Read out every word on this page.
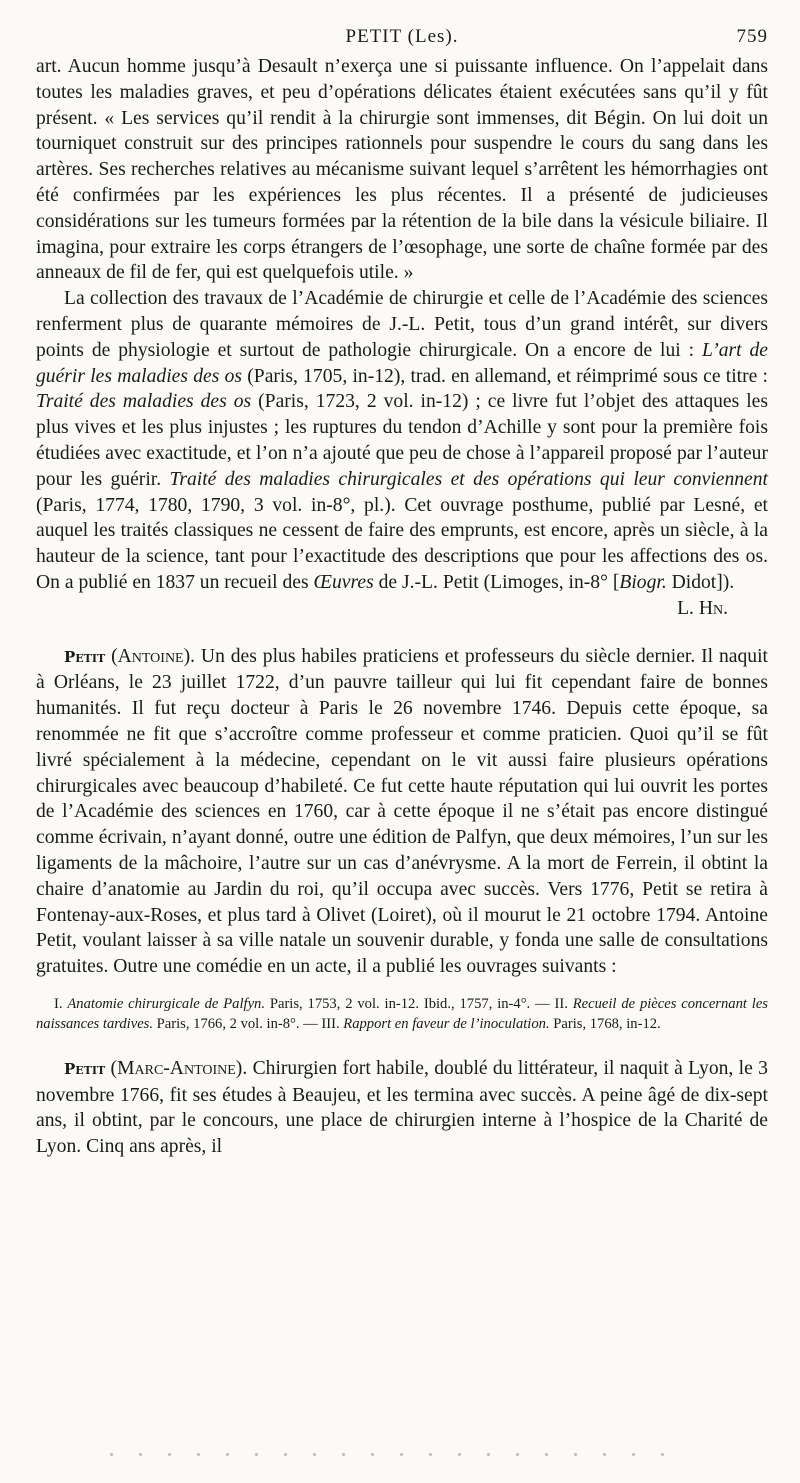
PETIT (Les).	759

art. Aucun homme jusqu’à Desault n’exerça une si puissante influence. On l’appelait dans toutes les maladies graves, et peu d’opérations délicates étaient exécutées sans qu’il y fût présent. « Les services qu’il rendit à la chirurgie sont immenses, dit Bégin. On lui doit un tourniquet construit sur des principes rationnels pour suspendre le cours du sang dans les artères. Ses recherches relatives au mécanisme suivant lequel s’arrêtent les hémorrhagies ont été confirmées par les expériences les plus récentes. Il a présenté de judicieuses considérations sur les tumeurs formées par la rétention de la bile dans la vésicule biliaire. Il imagina, pour extraire les corps étrangers de l’œsophage, une sorte de chaîne formée par des anneaux de fil de fer, qui est quelquefois utile. »

La collection des travaux de l’Académie de chirurgie et celle de l’Académie des sciences renferment plus de quarante mémoires de J.-L. Petit, tous d’un grand intérêt, sur divers points de physiologie et surtout de pathologie chirurgicale. On a encore de lui : L’art de guérir les maladies des os (Paris, 1705, in-12), trad. en allemand, et réimprimé sous ce titre : Traité des maladies des os (Paris, 1723, 2 vol. in-12) ; ce livre fut l’objet des attaques les plus vives et les plus injustes ; les ruptures du tendon d’Achille y sont pour la première fois étudiées avec exactitude, et l’on n’a ajouté que peu de chose à l’appareil proposé par l’auteur pour les guérir. Traité des maladies chirurgicales et des opérations qui leur conviennent (Paris, 1774, 1780, 1790, 3 vol. in-8°, pl.). Cet ouvrage posthume, publié par Lesné, et auquel les traités classiques ne cessent de faire des emprunts, est encore, après un siècle, à la hauteur de la science, tant pour l’exactitude des descriptions que pour les affections des os. On a publié en 1837 un recueil des Œuvres de J.-L. Petit (Limoges, in-8° [Biogr. Didot]).
L. Hn.

Petit (Antoine). Un des plus habiles praticiens et professeurs du siècle dernier. Il naquit à Orléans, le 23 juillet 1722, d’un pauvre tailleur qui lui fit cependant faire de bonnes humanités. Il fut reçu docteur à Paris le 26 novembre 1746. Depuis cette époque, sa renommée ne fit que s’accroître comme professeur et comme praticien. Quoi qu’il se fût livré spécialement à la médecine, cependant on le vit aussi faire plusieurs opérations chirurgicales avec beaucoup d’habileté. Ce fut cette haute réputation qui lui ouvrit les portes de l’Académie des sciences en 1760, car à cette époque il ne s’était pas encore distingué comme écrivain, n’ayant donné, outre une édition de Palfyn, que deux mémoires, l’un sur les ligaments de la mâchoire, l’autre sur un cas d’anévrysme. A la mort de Ferrein, il obtint la chaire d’anatomie au Jardin du roi, qu’il occupa avec succès. Vers 1776, Petit se retira à Fontenay-aux-Roses, et plus tard à Olivet (Loiret), où il mourut le 21 octobre 1794. Antoine Petit, voulant laisser à sa ville natale un souvenir durable, y fonda une salle de consultations gratuites. Outre une comédie en un acte, il a publié les ouvrages suivants :

I. Anatomie chirurgicale de Palfyn. Paris, 1753, 2 vol. in-12. Ibid., 1757, in-4°. — II. Recueil de pièces concernant les naissances tardives. Paris, 1766, 2 vol. in-8°. — III. Rapport en faveur de l’inoculation. Paris, 1768, in-12.

Petit (Marc-Antoine). Chirurgien fort habile, doublé du littérateur, il naquit à Lyon, le 3 novembre 1766, fit ses études à Beaujeu, et les termina avec succès. A peine âgé de dix-sept ans, il obtint, par le concours, une place de chirurgien interne à l’hospice de la Charité de Lyon. Cinq ans après, il
